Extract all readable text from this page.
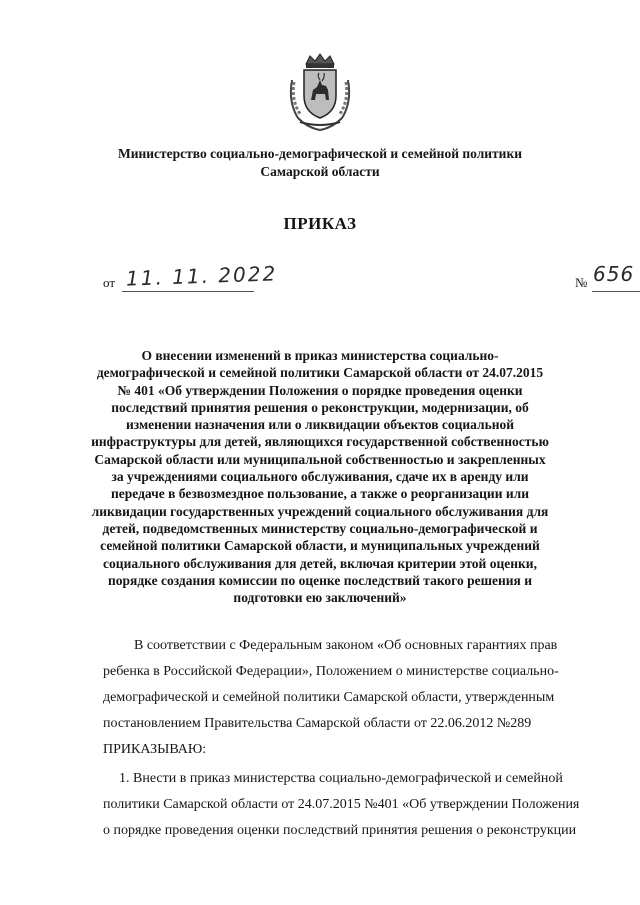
Министерство социально-демографической и семейной политики
Самарской области
ПРИКАЗ
от 11. 11. 2022	№ 656
О внесении изменений в приказ министерства социально-
демографической и семейной политики Самарской области от 24.07.2015
№ 401 «Об утверждении Положения о порядке проведения оценки
последствий принятия решения о реконструкции, модернизации, об
изменении назначения или о ликвидации объектов социальной
инфраструктуры для детей, являющихся государственной собственностью
Самарской области или муниципальной собственностью и закрепленных
за учреждениями социального обслуживания, сдаче их в аренду или
передаче в безвозмездное пользование, а также о реорганизации или
ликвидации государственных учреждений социального обслуживания для
детей, подведомственных министерству социально-демографической и
семейной политики Самарской области, и муниципальных учреждений
социального обслуживания для детей, включая критерии этой оценки,
порядке создания комиссии по оценке последствий такого решения и
подготовки ею заключений»
В соответствии с Федеральным законом «Об основных гарантиях прав
ребенка в Российской Федерации», Положением о министерстве социально-
демографической и семейной политики Самарской области, утвержденным
постановлением Правительства Самарской области от 22.06.2012 №289
ПРИКАЗЫВАЮ:
1. Внести в приказ министерства социально-демографической и семейной
политики Самарской области от 24.07.2015 №401 «Об утверждении Положения
о порядке проведения оценки последствий принятия решения о реконструкции
